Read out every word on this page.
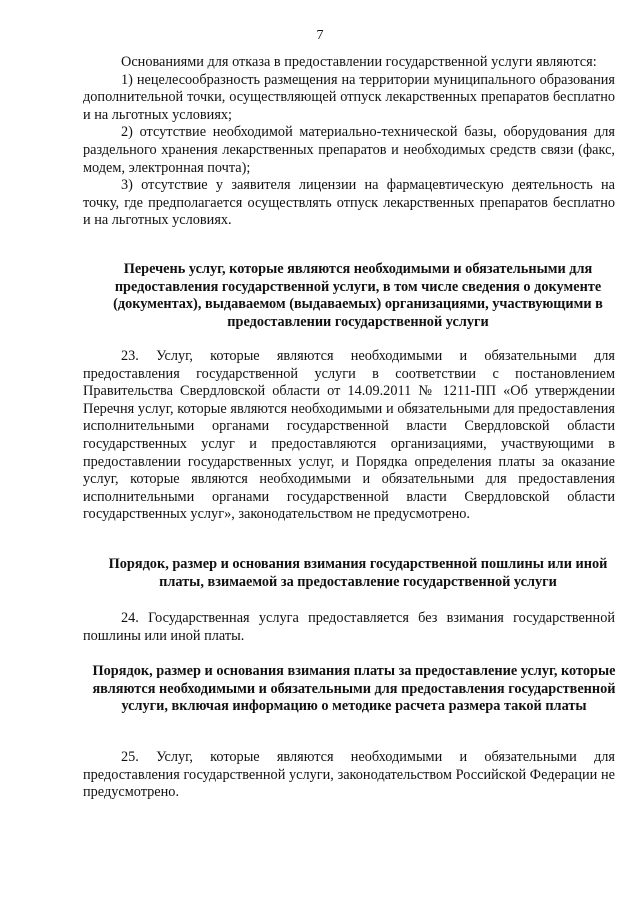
7

Основаниями для отказа в предоставлении государственной услуги являются:

1) нецелесообразность размещения на территории муниципального образования дополнительной точки, осуществляющей отпуск лекарственных препаратов бесплатно и на льготных условиях;

2) отсутствие необходимой материально-технической базы, оборудования для раздельного хранения лекарственных препаратов и необходимых средств связи (факс, модем, электронная почта);

3) отсутствие у заявителя лицензии на фармацевтическую деятельность на точку, где предполагается осуществлять отпуск лекарственных препаратов бесплатно и на льготных условиях.

Перечень услуг, которые являются необходимыми и обязательными для предоставления государственной услуги, в том числе сведения о документе (документах), выдаваемом (выдаваемых) организациями, участвующими в предоставлении государственной услуги

23. Услуг, которые являются необходимыми и обязательными для предоставления государственной услуги в соответствии с постановлением Правительства Свердловской области от 14.09.2011 № 1211-ПП «Об утверждении Перечня услуг, которые являются необходимыми и обязательными для предоставления исполнительными органами государственной власти Свердловской области государственных услуг и предоставляются организациями, участвующими в предоставлении государственных услуг, и Порядка определения платы за оказание услуг, которые являются необходимыми и обязательными для предоставления исполнительными органами государственной власти Свердловской области государственных услуг», законодательством не предусмотрено.

Порядок, размер и основания взимания государственной пошлины или иной платы, взимаемой за предоставление государственной услуги

24. Государственная услуга предоставляется без взимания государственной пошлины или иной платы.

Порядок, размер и основания взимания платы за предоставление услуг, которые являются необходимыми и обязательными для предоставления государственной услуги, включая информацию о методике расчета размера такой платы

25. Услуг, которые являются необходимыми и обязательными для предоставления государственной услуги, законодательством Российской Федерации не предусмотрено.
